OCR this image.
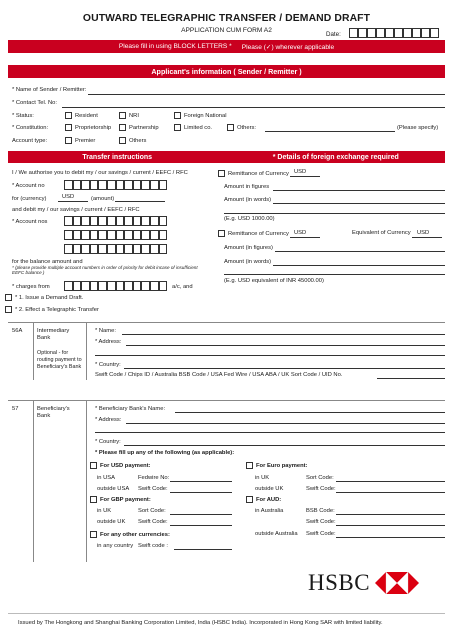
OUTWARD TELEGRAPHIC TRANSFER / DEMAND DRAFT
APPLICATION CUM FORM A2
Date:
Please fill in using BLOCK LETTERS * Please (✓) wherever applicable
Applicant's information ( Sender / Remitter )
* Name of Sender / Remitter:
* Contact Tel. No:
* Status:	Resident	NRI	Foreign National
* Constitution:	Proprietorship	Partnership	Limited co.	Others:	(Please specify)
Account type:	Premier	Others
Transfer instructions	* Details of foreign exchange required
I / We authorise you to debit my / our savings / current / EEFC / RFC
* Account no
for (currency)	USD	(amount)
and debit my / our savings / current / EEFC / RFC
* Account nos
for the balance amount and
* (please provide multiple account numbers in order of priority for debit incase of insufficient EEFC balance )
* charges from	a/c, and
* 1. Issue a Demand Draft.
* 2. Effect a Telegraphic Transfer
Remittance of Currency USD
Amount in figures
Amount (in words)
(E.g. USD 1000.00)
Remittance of Currency USD	Equivalent of Currency USD
Amount (in figures)
Amount (in words)
(E.g. USD equivalent of INR 45000.00)
56A	Intermediary Bank
Optional - for routing payment to Beneficiary's Bank
* Name:
* Address:
* Country:
Swift Code / Chips ID / Australia BSB Code / USA Fed Wire / USA ABA / UK Sort Code / UID No.
57	Beneficiary's Bank
* Beneficiary Bank's Name:
* Address:
* Country:
* Please fill up any of the following (as applicable):
For USD payment:
in USA	Fedwire No:
outside USA Swift Code:
For GBP payment:
in UK	Sort Code:
outside UK Swift Code:
For any other currencies:
in any country Swift code :
For Euro payment:
in UK	Sort Code:
outside UK	Swift Code:
For AUD:
in Australia	BSB Code:
Swift Code:
outside Australia Swift Code:
HSBC
Issued by The Hongkong and Shanghai Banking Corporation Limited, India (HSBC India). Incorporated in Hong Kong SAR with limited liability.
